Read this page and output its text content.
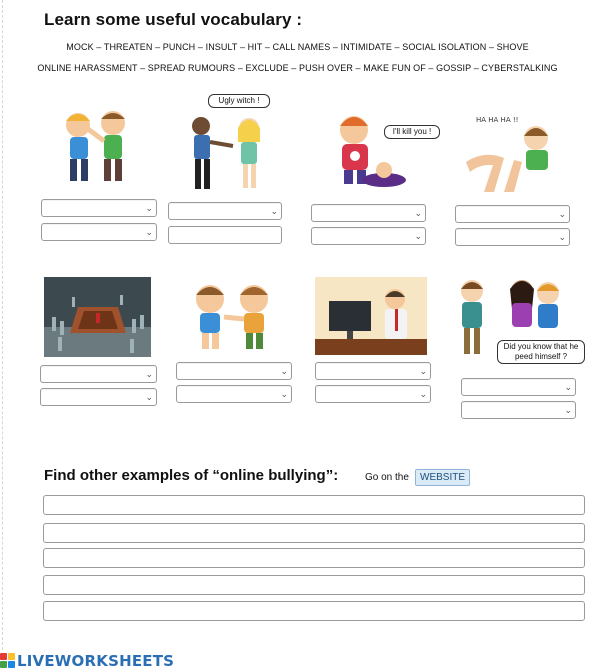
Learn some useful vocabulary :
MOCK – THREATEN – PUNCH – INSULT – HIT – CALL NAMES – INTIMIDATE – SOCIAL ISOLATION – SHOVE
ONLINE HARASSMENT – SPREAD RUMOURS – EXCLUDE – PUSH OVER – MAKE FUN OF – GOSSIP – CYBERSTALKING
Ugly witch !
I'll kill you !
HA HA HA !!
⌄
⌄
⌄	⌄
⌄
⌄
⌄
Did you know that he peed himself ?
⌄
⌄
⌄
⌄
⌄
⌄
⌄
⌄
Find other examples of “online bullying”:	Go on the	WEBSITE
LIVEWORKSHEETS
